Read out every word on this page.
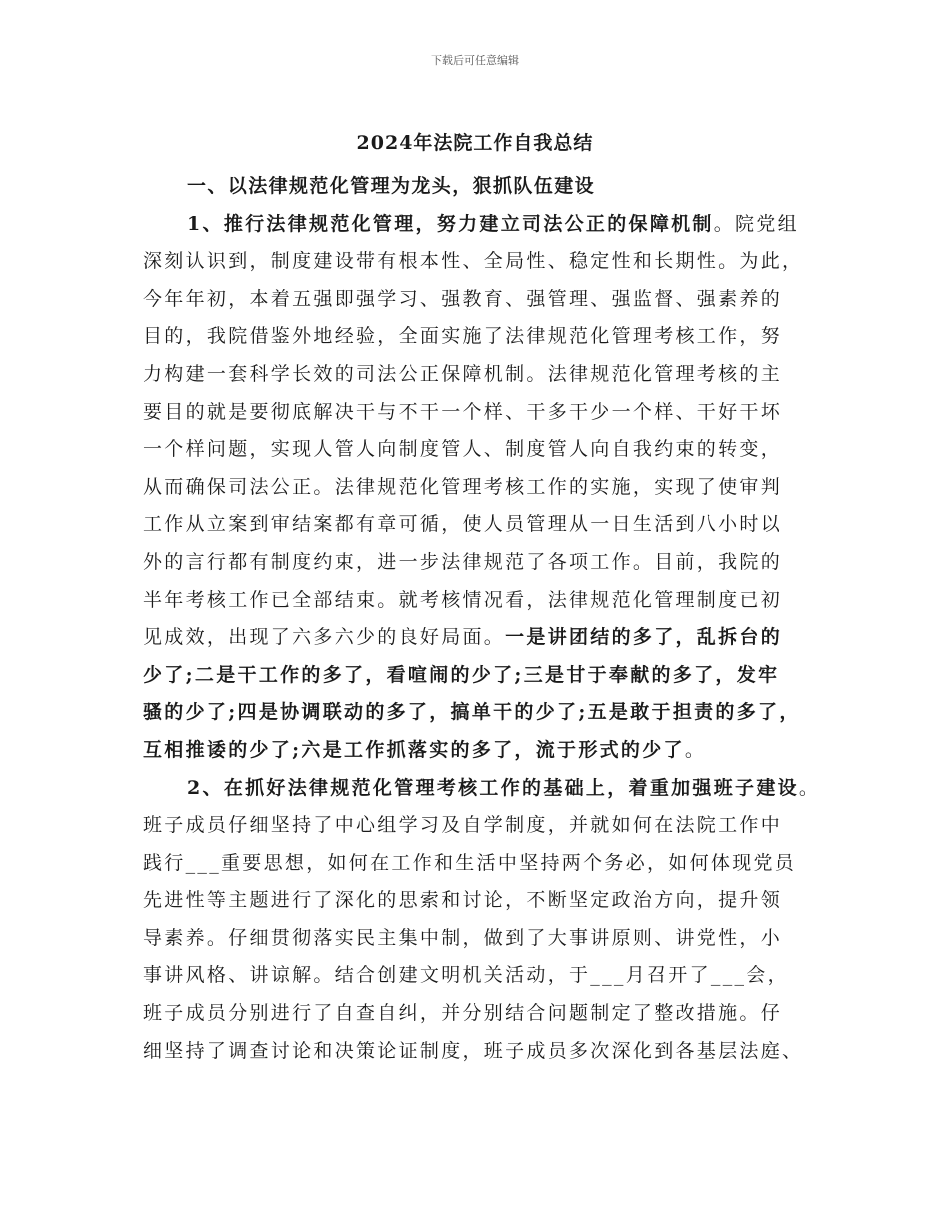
下载后可任意编辑
2024年法院工作自我总结
一、以法律规范化管理为龙头，狠抓队伍建设
1、推行法律规范化管理，努力建立司法公正的保障机制。院党组
深刻认识到，制度建设带有根本性、全局性、稳定性和长期性。为此，
今年年初，本着五强即强学习、强教育、强管理、强监督、强素养的
目的，我院借鉴外地经验，全面实施了法律规范化管理考核工作，努
力构建一套科学长效的司法公正保障机制。法律规范化管理考核的主
要目的就是要彻底解决干与不干一个样、干多干少一个样、干好干坏
一个样问题，实现人管人向制度管人、制度管人向自我约束的转变，
从而确保司法公正。法律规范化管理考核工作的实施，实现了使审判
工作从立案到审结案都有章可循，使人员管理从一日生活到八小时以
外的言行都有制度约束，进一步法律规范了各项工作。目前，我院的
半年考核工作已全部结束。就考核情况看，法律规范化管理制度已初
见成效，出现了六多六少的良好局面。一是讲团结的多了，乱拆台的
少了;二是干工作的多了，看喧闹的少了;三是甘于奉献的多了，发牢
骚的少了;四是协调联动的多了，搞单干的少了;五是敢于担责的多了，
互相推诿的少了;六是工作抓落实的多了，流于形式的少了。
2、在抓好法律规范化管理考核工作的基础上，着重加强班子建设。
班子成员仔细坚持了中心组学习及自学制度，并就如何在法院工作中
践行___重要思想，如何在工作和生活中坚持两个务必，如何体现党员
先进性等主题进行了深化的思索和讨论，不断坚定政治方向，提升领
导素养。仔细贯彻落实民主集中制，做到了大事讲原则、讲党性，小
事讲风格、讲谅解。结合创建文明机关活动，于___月召开了___会，
班子成员分别进行了自查自纠，并分别结合问题制定了整改措施。仔
细坚持了调查讨论和决策论证制度，班子成员多次深化到各基层法庭、
